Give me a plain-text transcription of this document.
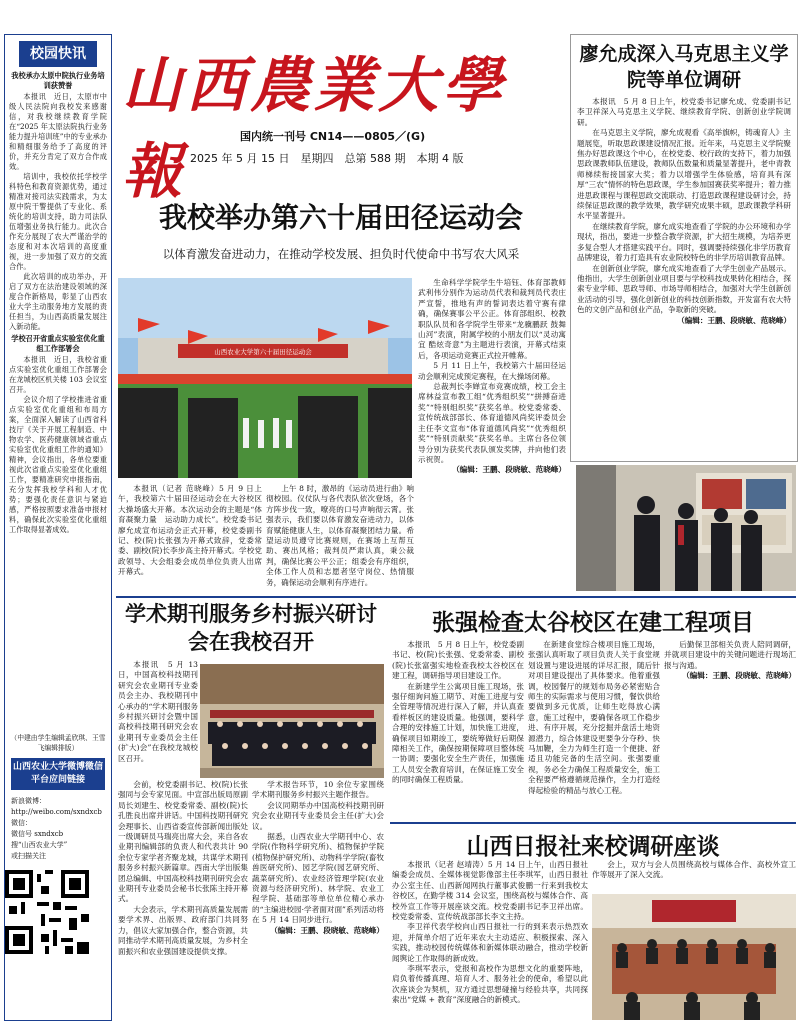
校园快讯

我校承办太原中院执行业务培训获赞誉

本报讯　近日，太原市中级人民法院向我校发来感谢信，对我校继续教育学院在“2025 年太原法院执行业务能力提升培训班”中的专业承办和精细服务给予了高度的评价，并充分肯定了双方合作成效。

培训中，我校依托学校学科特色和教育资源优势，通过精准对接司法实践需求，为太原中院干警提供了专业化、系统化的培训支持，助力司法队伍增强业务执行能力。此次合作充分展现了农大严谨治学的态度和对本次培训的高度重视，进一步加强了双方的交流合作。

此次培训的成功举办，开启了双方在法治建设领域的深度合作新格局，彰显了山西农业大学主动服务地方发展的责任担当，为山西高质量发展注入新动能。

学校召开省重点实验室优化重组工作部署会

本报讯　近日，我校省重点实验室优化重组工作部署会在龙城校区机关楼 103 会议室召开。

会议介绍了学校推进省重点实验室优化重组和布局方案，全面深入解读了山西省科技厅《关于开展工程制造、中物农学、医药健康领域省重点实验室优化重组工作的通知》精神，会议指出，各单位要重视此次省重点实验室优化重组工作，要精准研究申报指南，充分发挥我校学科和人才优势；要强化责任意识与紧迫感，严格按照要求准备申报材料，确保此次实验室优化重组工作取得显著成效。

（中建由学生编辑孟欣琪、王雪飞编辑排版）
山西农业大学微博微信平台应间链接
新浪微博：
http://weibo.com/sxndxcb
微信：
微信号 sxndxcb
搜“山西农业大学”
或扫描关注
山西農業大學報
国内统一刊号 CN14——0805／(G)
2025 年 5 月 15 日　星期四　总第 588 期　本期 4 版
廖允成深入马克思主义学院等单位调研

本报讯　5 月 8 日上午，校党委书记廖允成、党委副书记李卫祥深入马克思主义学院、继续教育学院、创新创业学院调研。

在马克思主义学院，廖允成观看《高举旗帜，铸魂育人》主题展览，听取思政课建设情况汇报。近年来，马克思主义学院聚焦办好思政课这个中心，在校党委、校行政的支持下，着力加强思政课教师队伍建设，教师队伍数量和质量显著提升，老中青教师梯续衔接国家大奖；着力以增强学生体验感，培育具有深厚“三农”情怀的特色思政课，学生参加国赛获奖率提升；着力推进思政课程与课程思政交流联动、打造思政课程建设研讨会，持续保证思政课的教学效果，教学研究成果丰硕，思政课教学科研水平显著提升。

在继续教育学院，廖允成实地查看了学院的办公环境和办学现状，指出，要进一步整合教学资源，扩大招生规模，为培养更多复合型人才搭建实践平台。同时，强调要持续强化非学历教育品牌建设，着力打造具有农业院校特色的非学历培训教育品牌。

在创新创业学院，廖允成实地查看了大学生创业产品展示。他指出，大学生创新创业项目要与学校科技成果转化相结合，探索专业学师、思政导师、市场导师相结合，加强对大学生创新创业活动的引导，强化创新创业的科技创新指数，开发富有农大特色的文创产品和创业产品，争取新的突破。

（编辑：王鹏、段晓敏、范晓峰）

我校举办第六十届田径运动会
以体育激发奋进动力，在推动学校发展、担负时代使命中书写农大风采
山西农业大学第六十届田径运动会

本报讯（记者 范晓峰）5 月 9 日上午，我校第六十届田径运动会在大谷校区大操场盛大开幕。本次运动会的主题是“体育凝聚力量　运动助力成长”。校党委书记廖允成宣布运动会正式开幕，校党委副书记、校(院)长张强为开幕式致辞，党委常委、副校(院)长李步高主持开幕式。学校党政领导、大会组委会成员单位负责人出席开幕式。

上午 8 时，激昂的《运动员进行曲》响彻校园。仪仗队与各代表队依次登场，各个方阵步伐一致，嘹亮的口号声响彻云霄。张强表示，我们要以体育激发奋进动力，以体育赋能健康人生，以体育凝聚团结力量。希望运动员遵守比赛规则，在赛场上互帮互助、赛出风格；裁判员严肃认真，秉公裁判，确保比赛公平公正；组委会有序组织，全体工作人员和志愿者坚守岗位、热情服务，确保运动会顺利有序进行。

生命科学学院学生牛培钰、体育部教师武利伟分别作为运动员代表和裁判员代表庄严宣誓，推地有声的誓词表达着守赛有律确，确保赛事公平公正。体育部组织、校教职队队员和各学院学生带来“龙骥鹏跃 鼓舞山河”表演，附属学校的小朋友们以“灵动寓宜 酷炫奇意”为主题进行表演，开幕式结束后，各项运动竞赛正式拉开帷幕。

5 月 11 日上午，我校第六十届田径运动会顺利完成预定赛程，在大操场闭幕。

总裁判长李婵宣布竞赛成绩，校工会主席林益宣布教工组“优秀组织奖”“拼搏奋进奖”“特别组织奖”获奖名单。校党委常委、宣传统战部部长、体育道德风尚奖评委员会主任李文宣布“体育道德风尚奖”“优秀组织奖”“特别贡献奖”获奖名单。主席台各位领导分别为获奖代表队颁发奖牌，并向他们表示祝贺。

（编辑：王鹏、段晓敏、范晓峰）

学术期刊服务乡村振兴研讨会在我校召开

本报讯　5 月 13 日，中国高校科技期刊研究会农业期刊专业委员会主办、我校期刊中心承办的“学术期刊服务乡村振兴研讨会暨中国高校科技期刊研究会农业期刊专业委员会主任(扩大)会”在我校龙城校区召开。

会前，校党委副书记、校(院)长张强同与会专家见面。中宣部出版局原副局长刘建生、校党委常委、副校(院)长孔胜良出席并讲话。中国科技期刊研究会理事长、山西省委宣传部新闻出版处一级调研员马瑞亮出席大会，来自各农业期刊编辑部的负责人和代表共计 90 余位专家学者齐聚龙城，共谋学术期刊服务乡村振兴新篇章。西南大学出版集团总编辑、中国高校科技期刊研究会农业期刊专业委员会秘书长张陈主持开幕式。

大会表示，学术期刊高质量发展需要学术界、出版界、政府部门共同努力，倡议大家加强合作，整合资源，共同推动学术期刊高质量发展，为乡村全面振兴和农业强国建设提供支撑。

学术报告环节，10 余位专家围绕学术期刊服务乡村振兴主题作报告。

会议同期举办中国高校科技期刊研究会农业期刊专业委员会主任(扩大)会议。

据悉，山西农业大学期刊中心、农学院(作物科学研究所)、植物保护学院(植物保护研究所)、动物科学学院(畜牧兽医研究所)、园艺学院(园艺研究所、蔬菜研究所)、农业经济管理学院(农业资源与经济研究所)、林学院、农业工程学院、基础部等单位单位精心承办的“主编进校园·学者面对面”系列活动将在 5 月 14 日同步进行。

（编辑：王鹏、段晓敏、范晓峰）

张强检查太谷校区在建工程项目

本报讯　5 月 8 日上午，校党委副书记、校(院)长张强、党委常委、副校(院)长张富强实地检查我校太谷校区在建工程，调研指导项目建设工作。

在新建学生公寓项目施工现场，张强仔细询问施工期节、对施工进度与安全管理等情况进行深入了解，并认真查看样板区的建设质量。他强调，要科学合理的安排施工计划，加快施工进度，确保项目如期竣工，要统筹做好后期保障相关工作，确保按期保障项目整体统一协调；要强化安全生产责任，加强施工人员安全教育培训，在保证施工安全的同时确保工程质量。

在新建食堂综合楼项目施工现场，张强认真听取了项目负责人关于食堂规划设置与建设进展的详尽汇报，随后针对项目建设提出了具体要求。他着重强调，校园餐厅的规划布局务必紧密贴合师生的实际需求与使用习惯，餐饮供给要做到多元优质，让师生吃得放心满意，施工过程中，要确保各项工作稳步进、有序开展，充分挖掘并盘活土地资源潜力，综合体建设更要争分夺秒、快马加鞭，全力为师生打造一个便捷、舒适且功能完备的生活空间。张强要重视，务必全力确保工程质量安全，施工全程要严格遵循规范操作，全力打造经得起检验的精品与放心工程。

后勤保卫部相关负责人陪同调研，并就项目建设中的关键问题进行现场汇报与沟通。

（编辑：王鹏、段晓敏、范晓峰）

山西日报社来校调研座谈

本报讯（记者 赵靖涛）5 月 14 日上午，山西日报社编委会成员、全媒体视觉影像部主任李琪军，山西日报社办公室主任、山西新闻网执行董事武俊鹏一行来到我校太谷校区，在勤学楼 314 会议室，围绕高校与媒体合作、高校外宣工作等开展座谈交流。校党委副书记李卫祥出席。校党委常委、宣传统战部部长李文主持。

李卫祥代表学校向山西日报社一行的到来表示热烈欢迎，并简单介绍了近年来农大主动适应、积极探索、深入实践，推动校园传统媒体和新媒体联动融合，推动学校新闻舆论工作取得的新成效。

李琪军表示，党报和高校作为思想文化的重要阵地，肩负着传播真理、培育人才、服务社会的使命，希望以此次座谈会为契机，双方通过思想碰撞与经验共享，共同探索出“党媒 + 教育”深度融合的新模式。

会上，双方与会人员围绕高校与媒体合作、高校外宣工作等展开了深入交流。
